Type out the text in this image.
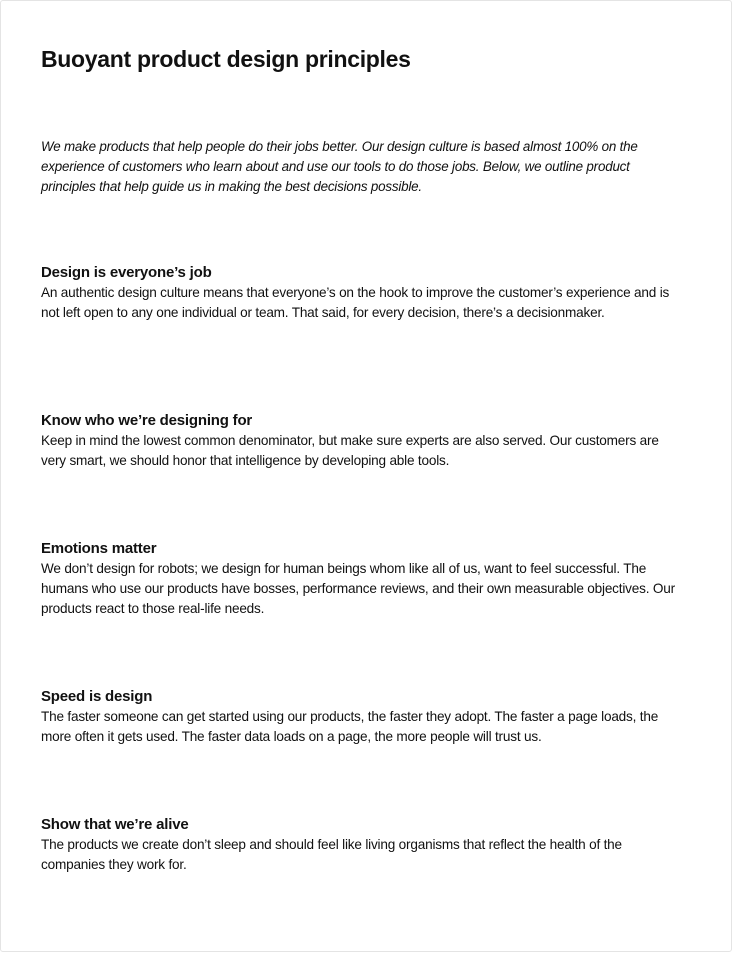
Buoyant product design principles

We make products that help people do their jobs better. Our design culture is based almost 100% on the experience of customers who learn about and use our tools to do those jobs. Below, we outline product principles that help guide us in making the best decisions possible.

Design is everyone’s job

An authentic design culture means that everyone’s on the hook to improve the customer’s experience and is not left open to any one individual or team. That said, for every decision, there’s a decisionmaker.

Know who we’re designing for

Keep in mind the lowest common denominator, but make sure experts are also served. Our customers are very smart, we should honor that intelligence by developing able tools.

Emotions matter

We don’t design for robots; we design for human beings whom like all of us, want to feel successful. The humans who use our products have bosses, performance reviews, and their own measurable objectives. Our products react to those real-life needs.

Speed is design

The faster someone can get started using our products, the faster they adopt. The faster a page loads, the more often it gets used. The faster data loads on a page, the more people will trust us.

Show that we’re alive

The products we create don’t sleep and should feel like living organisms that reflect the health of the companies they work for.
